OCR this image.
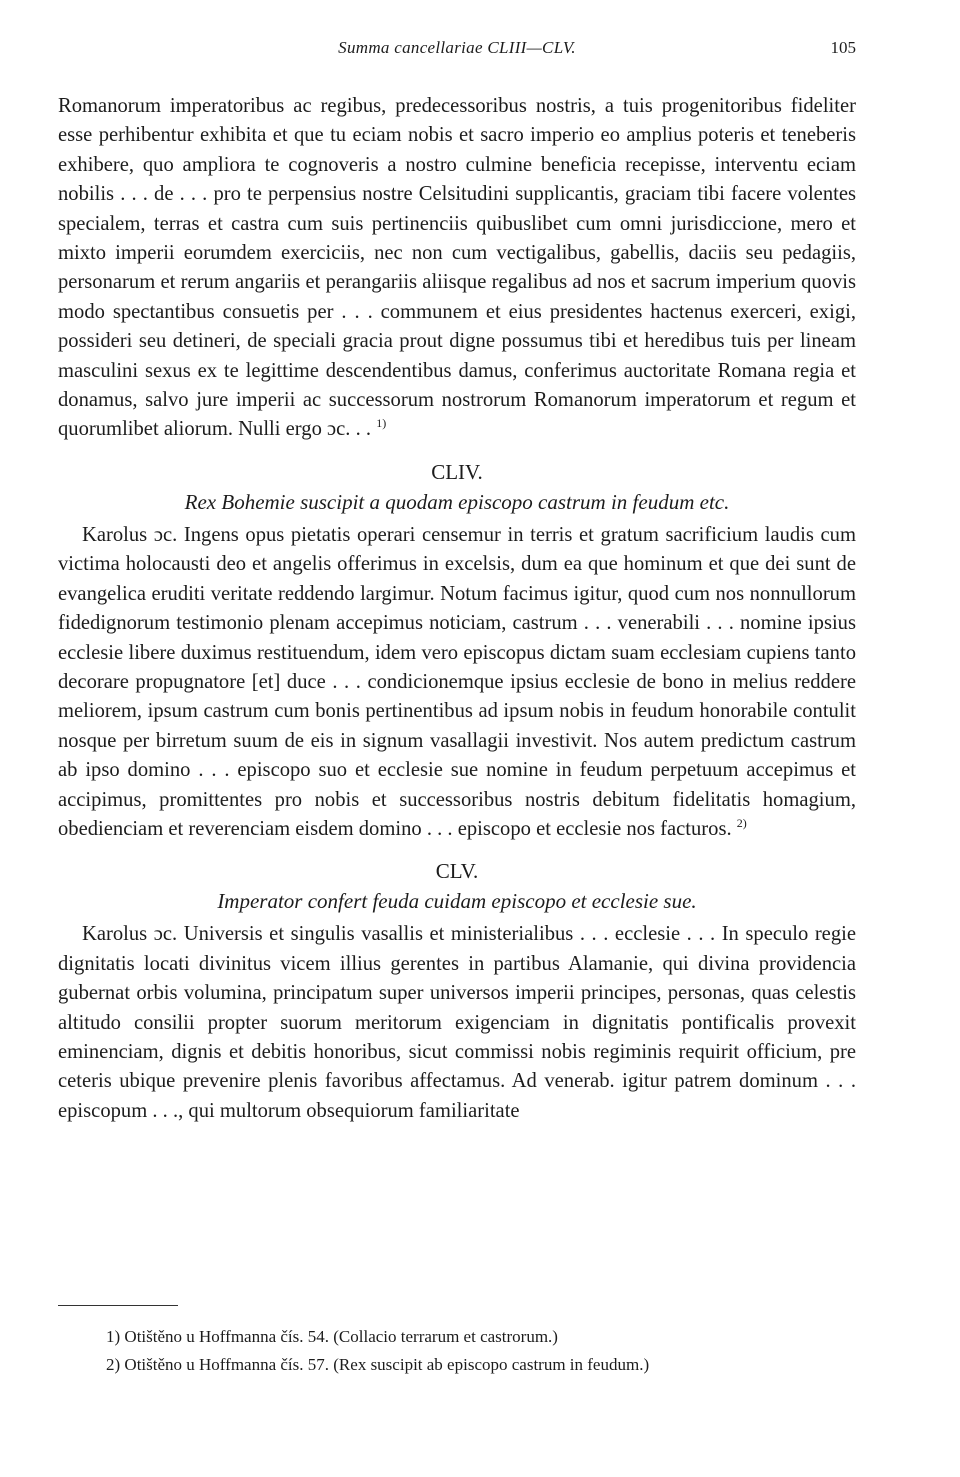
Summa cancellariae CLIII—CLV.	105

Romanorum imperatoribus ac regibus, predecessoribus nostris, a tuis progenitoribus fideliter esse perhibentur exhibita et que tu eciam nobis et sacro imperio eo amplius poteris et teneberis exhibere, quo ampliora te cognoveris a nostro culmine beneficia recepisse, interventu eciam nobilis . . . de . . . pro te perpensius nostre Celsitudini supplicantis, graciam tibi facere volentes specialem, terras et castra cum suis pertinenciis quibuslibet cum omni jurisdiccione, mero et mixto imperii eorumdem exerciciis, nec non cum vectigalibus, gabellis, daciis seu pedagiis, personarum et rerum angariis et perangariis aliisque regalibus ad nos et sacrum imperium quovis modo spectantibus consuetis per . . . communem et eius presidentes hactenus exerceri, exigi, possideri seu detineri, de speciali gracia prout digne possumus tibi et heredibus tuis per lineam masculini sexus ex te legittime descendentibus damus, conferimus auctoritate Romana regia et donamus, salvo jure imperii ac successorum nostrorum Romanorum imperatorum et regum et quorumlibet aliorum. Nulli ergo ɔc. . . $^{1)}$

CLIV.
Rex Bohemie suscipit a quodam episcopo castrum in feudum etc.

Karolus ɔc. Ingens opus pietatis operari censemur in terris et gratum sacrificium laudis cum victima holocausti deo et angelis offerimus in excelsis, dum ea que hominum et que dei sunt de evangelica eruditi veritate reddendo largimur. Notum facimus igitur, quod cum nos nonnullorum fidedignorum testimonio plenam accepimus noticiam, castrum . . . venerabili . . . nomine ipsius ecclesie libere duximus restituendum, idem vero episcopus dictam suam ecclesiam cupiens tanto decorare propugnatore [et] duce . . . condicionemque ipsius ecclesie de bono in melius reddere meliorem, ipsum castrum cum bonis pertinentibus ad ipsum nobis in feudum honorabile contulit nosque per birretum suum de eis in signum vasallagii investivit. Nos autem predictum castrum ab ipso domino . . . episcopo suo et ecclesie sue nomine in feudum perpetuum accepimus et accipimus, promittentes pro nobis et successoribus nostris debitum fidelitatis homagium, obedienciam et reverenciam eisdem domino . . . episcopo et ecclesie nos facturos. $^{2)}$

CLV.
Imperator confert feuda cuidam episcopo et ecclesie sue.

Karolus ɔc. Universis et singulis vasallis et ministerialibus . . . ecclesie . . . In speculo regie dignitatis locati divinitus vicem illius gerentes in partibus Alamanie, qui divina providencia gubernat orbis volumina, principatum super universos imperii principes, personas, quas celestis altitudo consilii propter suorum meritorum exigenciam in dignitatis pontificalis provexit eminenciam, dignis et debitis honoribus, sicut commissi nobis regiminis requirit officium, pre ceteris ubique prevenire plenis favoribus affectamus. Ad venerab. igitur patrem dominum . . . episcopum . . ., qui multorum obsequiorum familiaritate

1) Otištěno u Hoffmanna čís. 54. (Collacio terrarum et castrorum.)

2) Otištěno u Hoffmanna čís. 57. (Rex suscipit ab episcopo castrum in feudum.)
